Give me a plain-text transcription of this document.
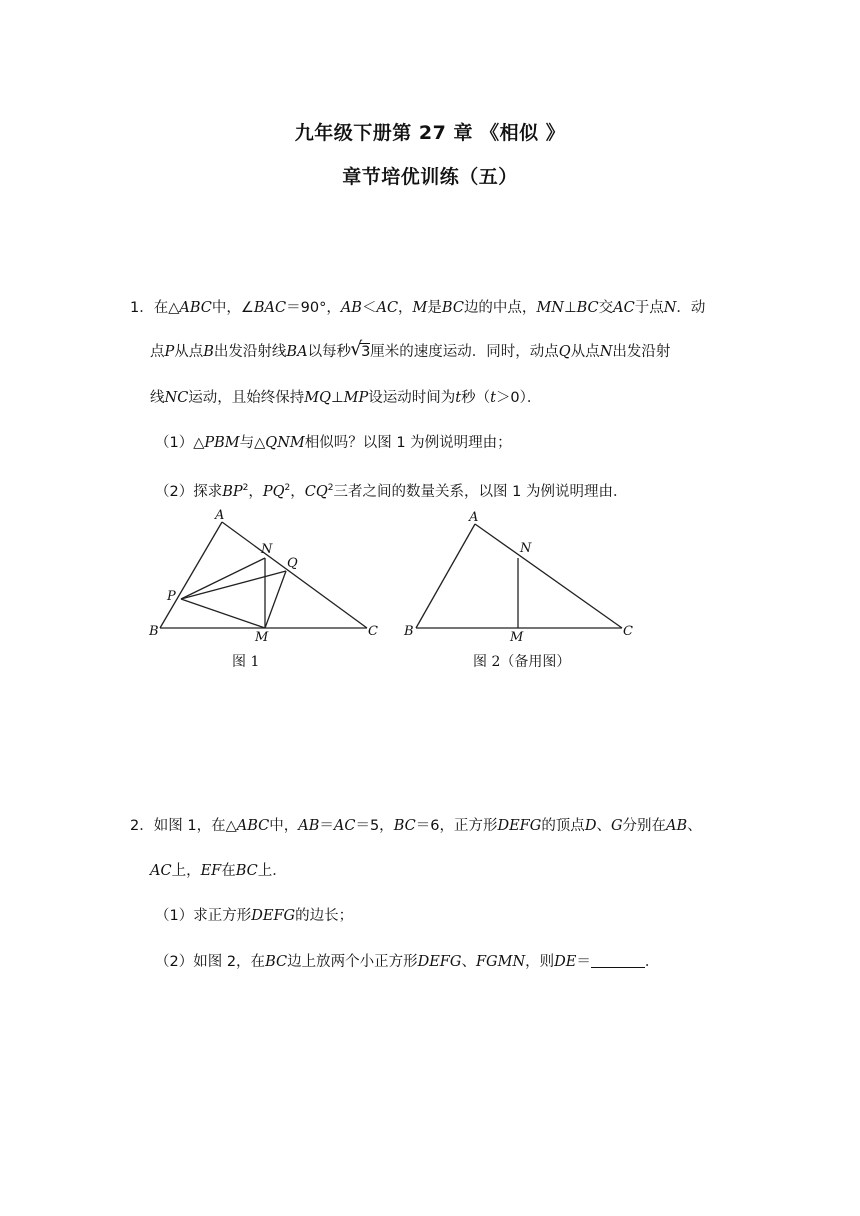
九年级下册第 27 章 《相似 》
章节培优训练（五）
1．在△ABC中，∠BAC＝90°，AB＜AC，M是BC边的中点，MN⊥BC交AC于点N．动
点P从点B出发沿射线BA以每秒√ 3厘米的速度运动．同时，动点Q从点N出发沿射
线NC运动，且始终保持MQ⊥MP设运动时间为t秒（t＞0）．
（1）△PBM与△QNM相似吗？以图 1 为例说明理由；
（2）探求$BP^2$，$PQ^2$，$CQ^2$三者之间的数量关系，以图 1 为例说明理由．
A
B	C
M
N
P
Q
图 1
A
B	C
M
N
图 2（备用图）
2．如图 1，在△ABC中，AB＝AC＝5，BC＝6，正方形DEFG的顶点D、G分别在AB、
AC上，EF在BC上．
（1）求正方形DEFG的边长；
（2）如图 2，在BC边上放两个小正方形DEFG、FGMN，则DE＝	．
